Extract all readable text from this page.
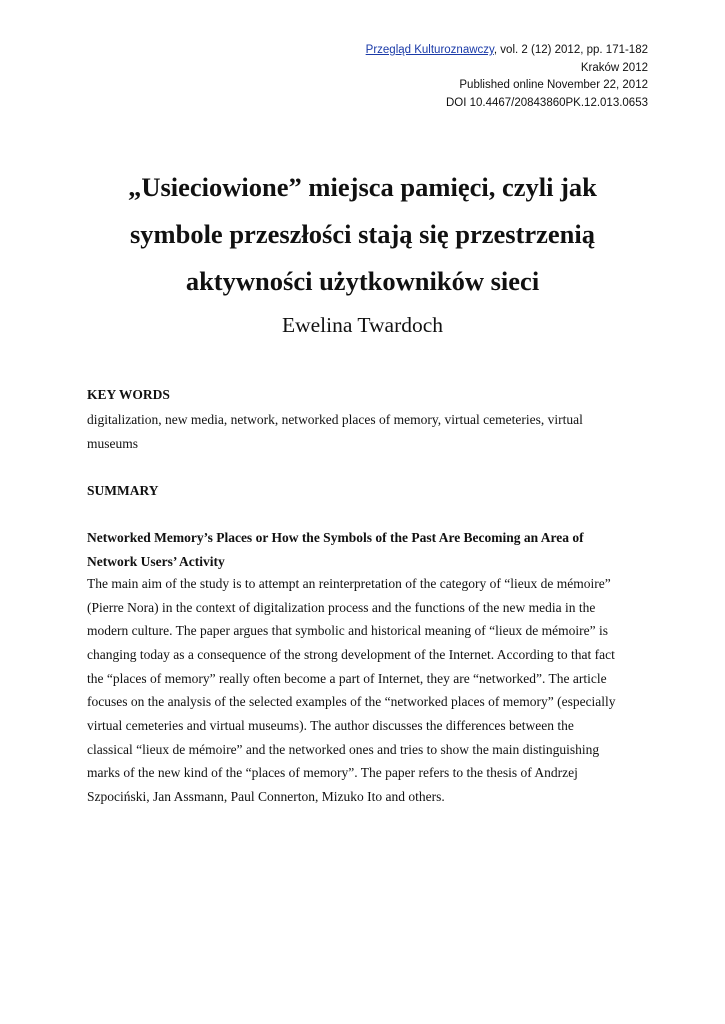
Przegląd Kulturoznawczy, vol. 2 (12) 2012, pp. 171-182
Kraków 2012
Published online November 22, 2012
DOI 10.4467/20843860PK.12.013.0653
„Usieciowione” miejsca pamięci, czyli jak
symbole przeszłości stają się przestrzenią
aktywności użytkowników sieci
Ewelina Twardoch
KEY WORDS
digitalization, new media, network, networked places of memory, virtual cemeteries, virtual
museums
SUMMARY
Networked Memory’s Places or How the Symbols of the Past Are Becoming an Area of
Network Users’ Activity
The main aim of the study is to attempt an reinterpretation of the category of “lieux de mémoire”
(Pierre Nora) in the context of digitalization process and the functions of the new media in the
modern culture. The paper argues that symbolic and historical meaning of “lieux de mémoire” is
changing today as a consequence of the strong development of the Internet. According to that fact
the “places of memory” really often become a part of Internet, they are “networked”. The article
focuses on the analysis of the selected examples of the “networked places of memory” (especially
virtual cemeteries and virtual museums). The author discusses the differences between the
classical “lieux de mémoire” and the networked ones and tries to show the main distinguishing
marks of the new kind of the “places of memory”. The paper refers to the thesis of Andrzej
Szpociński, Jan Assmann, Paul Connerton, Mizuko Ito and others.
